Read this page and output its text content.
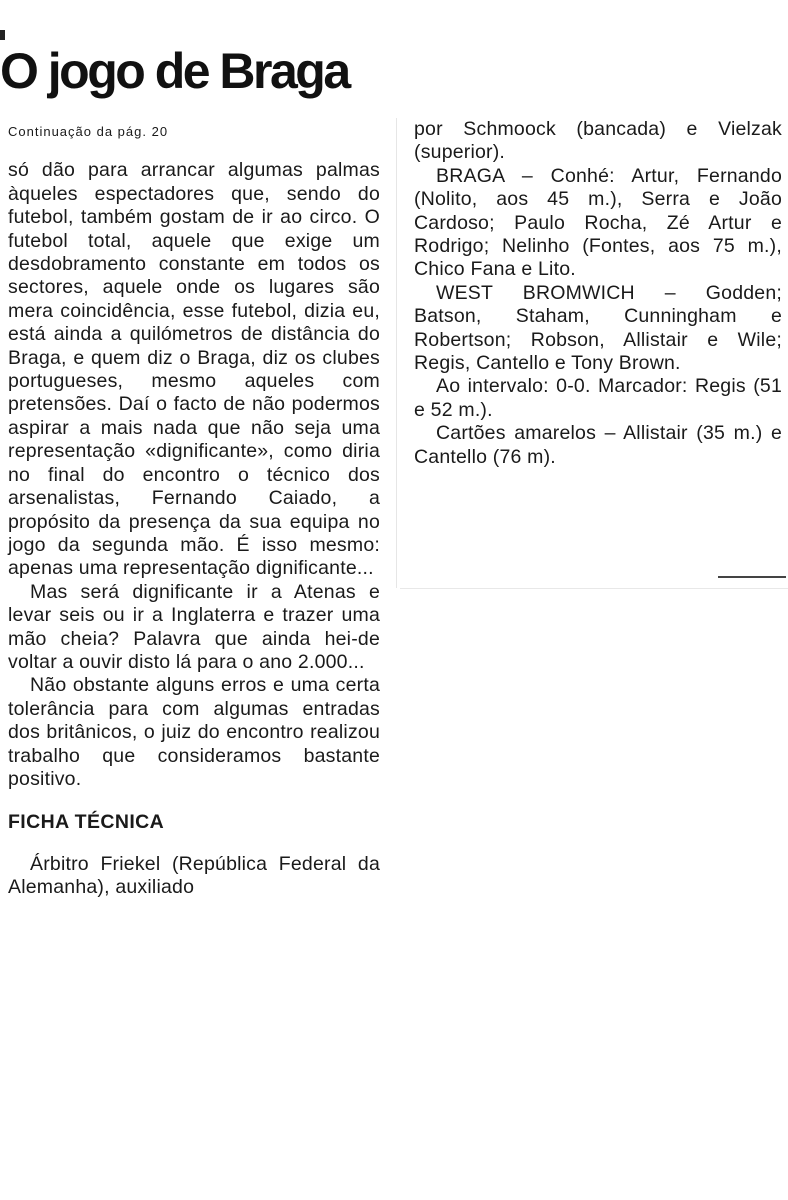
O jogo de Braga

Continuação da pág. 20

só dão para arrancar algumas palmas àqueles espectadores que, sendo do futebol, também gostam de ir ao circo. O futebol total, aquele que exige um desdobramento constante em todos os sectores, aquele onde os lugares são mera coincidência, esse futebol, dizia eu, está ainda a quilómetros de distância do Braga, e quem diz o Braga, diz os clubes portugueses, mesmo aqueles com pretensões. Daí o facto de não podermos aspirar a mais nada que não seja uma representação «dignificante», como diria no final do encontro o técnico dos arsenalistas, Fernando Caiado, a propósito da presença da sua equipa no jogo da segunda mão. É isso mesmo: apenas uma representação dignificante...

Mas será dignificante ir a Atenas e levar seis ou ir a Inglaterra e trazer uma mão cheia? Palavra que ainda hei-de voltar a ouvir disto lá para o ano 2.000...

Não obstante alguns erros e uma certa tolerância para com algumas entradas dos britânicos, o juiz do encontro realizou trabalho que consideramos bastante positivo.

FICHA TÉCNICA

Árbitro Friekel (República Federal da Alemanha), auxiliado

por Schmoock (bancada) e Vielzak (superior).

BRAGA – Conhé: Artur, Fernando (Nolito, aos 45 m.), Serra e João Cardoso; Paulo Rocha, Zé Artur e Rodrigo; Nelinho (Fontes, aos 75 m.), Chico Fana e Lito.

WEST BROMWICH – Godden; Batson, Staham, Cunningham e Robertson; Robson, Allistair e Wile; Regis, Cantello e Tony Brown.

Ao intervalo: 0-0. Marcador: Regis (51 e 52 m.).

Cartões amarelos – Allistair (35 m.) e Cantello (76 m).
